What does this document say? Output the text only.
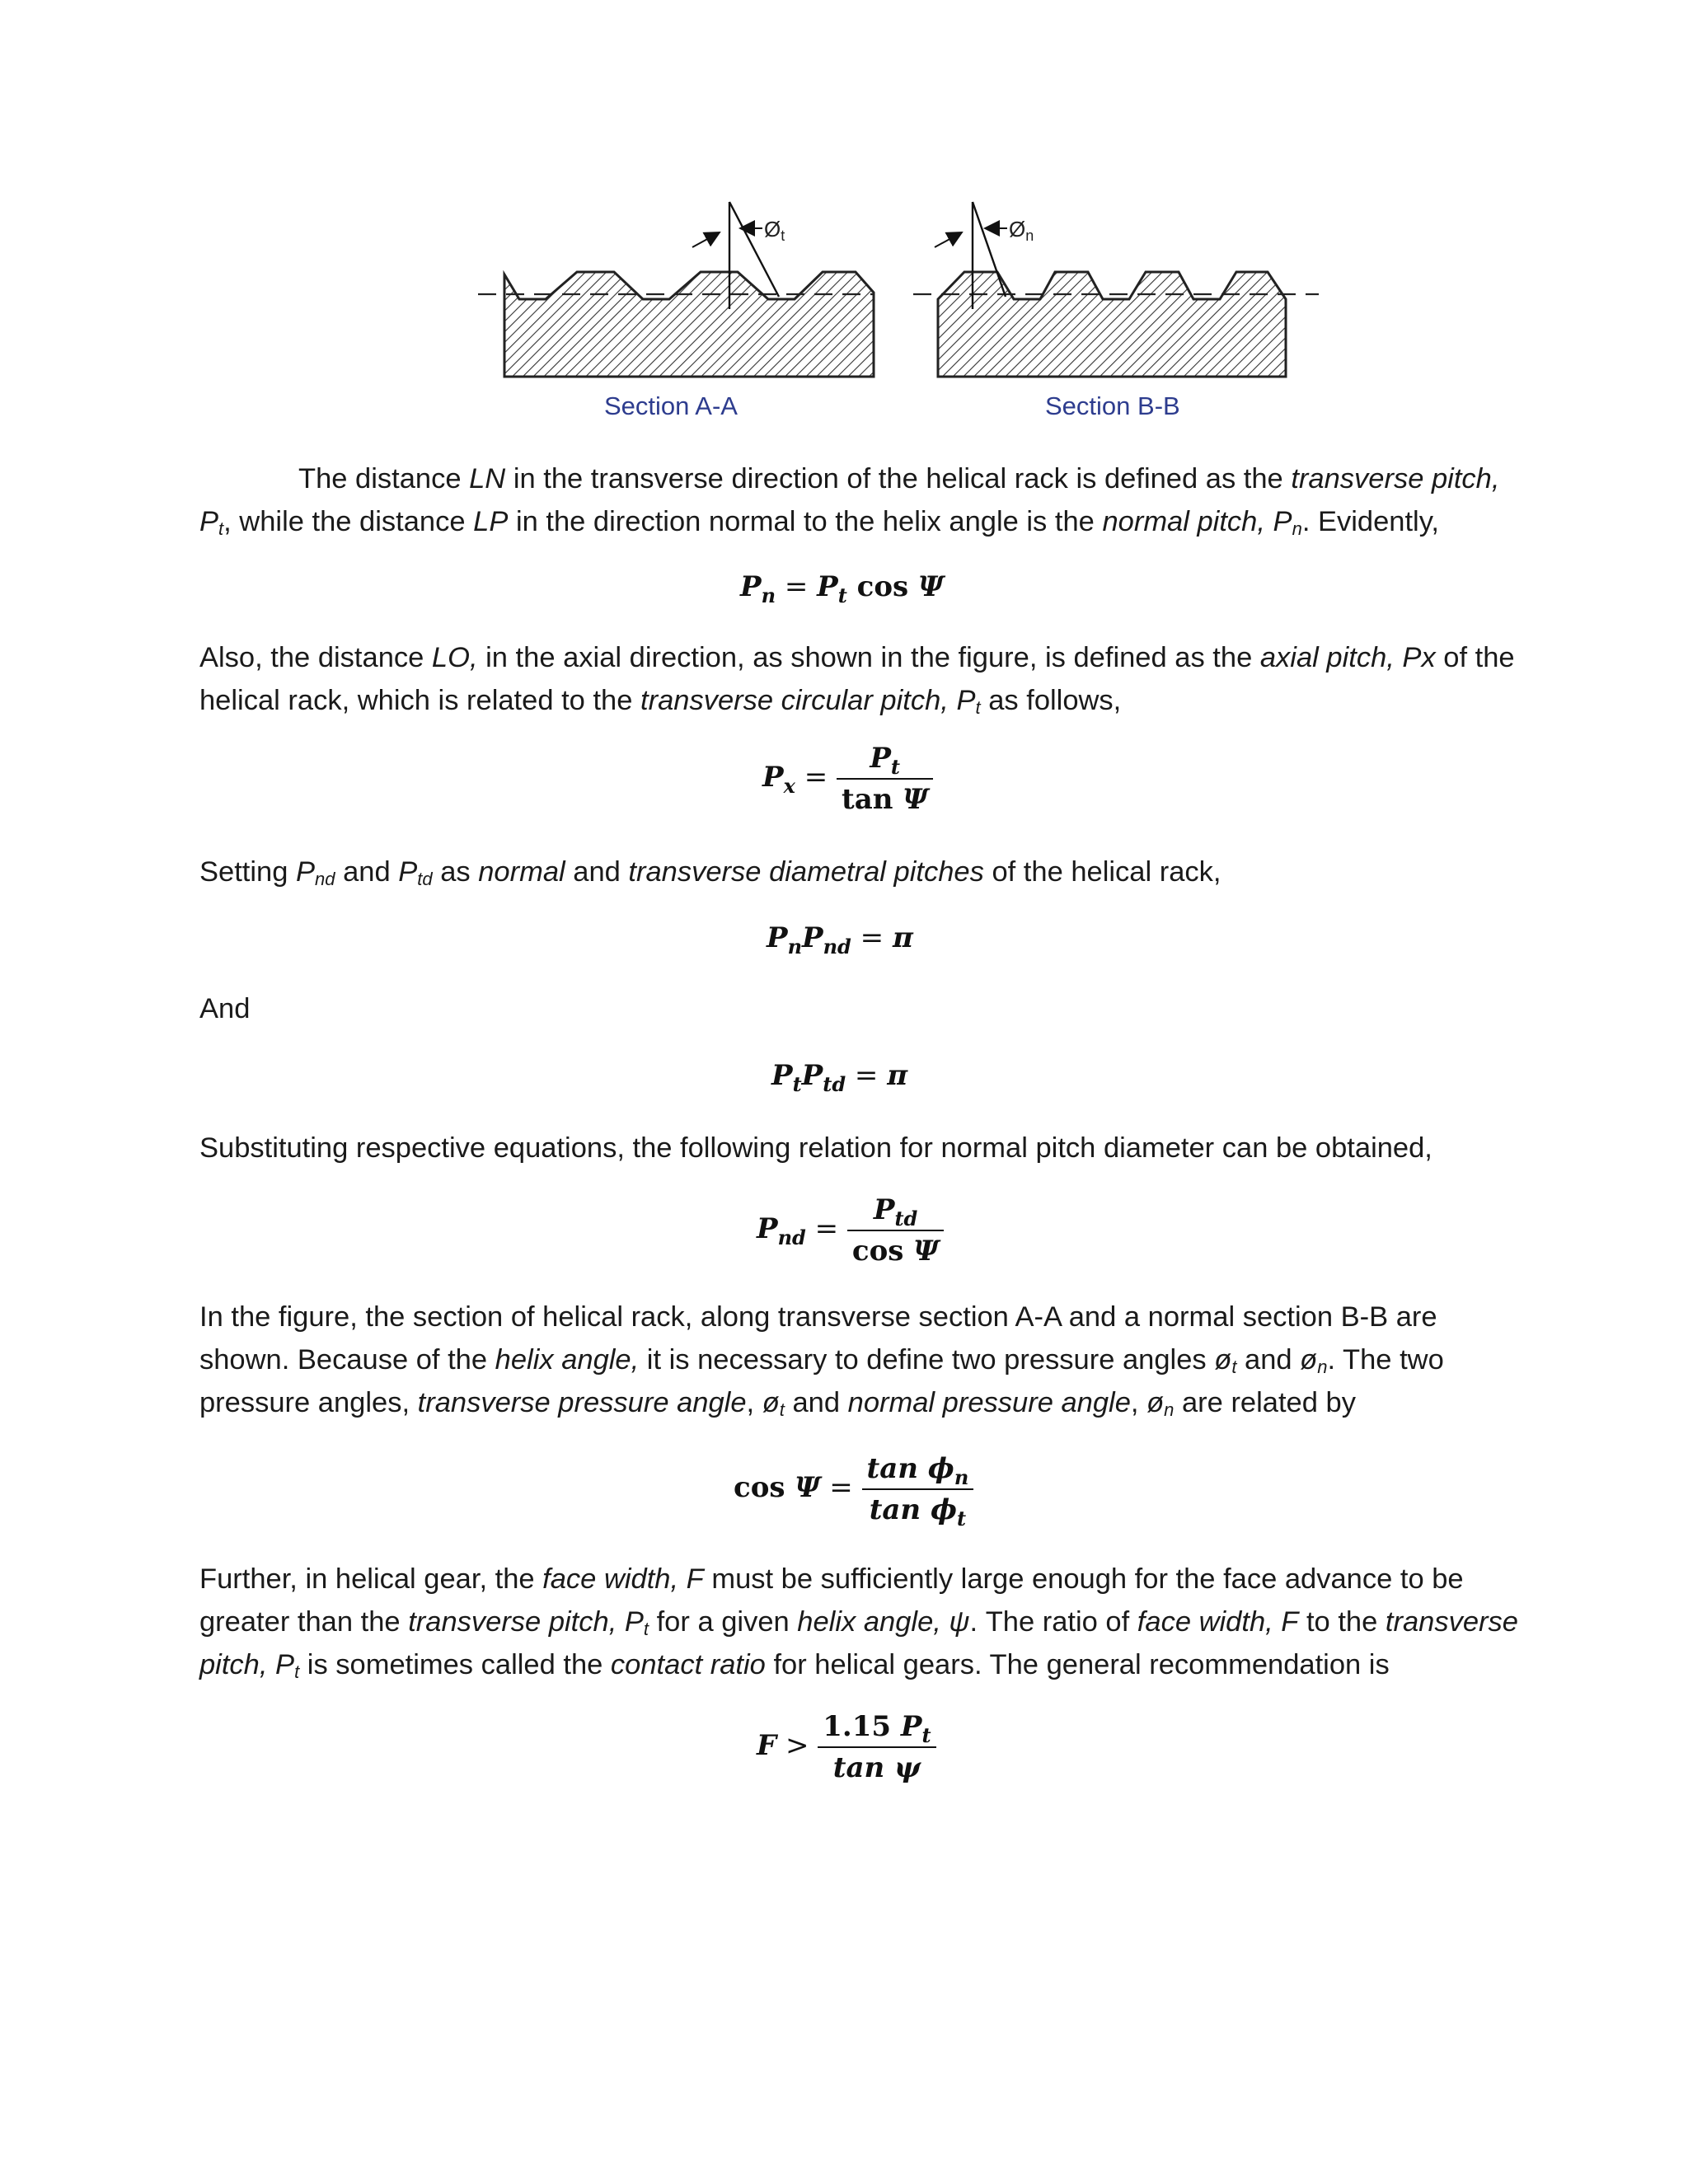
Øt	Øn
Section A-A	Section B-B
The distance LN in the transverse direction of the helical rack is defined as the transverse pitch,
$P_t$, while the distance LP in the direction normal to the helix angle is the normal pitch, $P_n$. Evidently,
$P_n = P_t$ cos Ψ
Also, the distance LO, in the axial direction, as shown in the figure, is defined as the axial pitch, Px of the
helical rack, which is related to the transverse circular pitch, $P_t$ as follows,
$P_x = \frac{P_t}{\text{tan Ψ}}$
Setting $P_{nd}$ and $P_{td}$ as normal and transverse diametral pitches of the helical rack,
$P_nP_{nd} = \pi$
And
$P_tP_{td} = \pi$
Substituting respective equations, the following relation for normal pitch diameter can be obtained,
$P_{nd} = \frac{P_{td}}{\text{cos Ψ}}$
In the figure, the section of helical rack, along transverse section A-A and a normal section B-B are
shown. Because of the helix angle, it is necessary to define two pressure angles $ø_t$ and $ø_n$. The two
pressure angles, transverse pressure angle, $ø_t$ and normal pressure angle, $ø_n$ are related by
$\cos \Psi = \frac{\tan \phi_n}{\tan \phi_t}$
Further, in helical gear, the face width, F must be sufficiently large enough for the face advance to be
greater than the transverse pitch, $P_t$ for a given helix angle, ψ. The ratio of face width, F to the transverse
pitch, $P_t$ is sometimes called the contact ratio for helical gears. The general recommendation is
$F > \frac{1.15 P_t}{\text{tan ψ}}$
